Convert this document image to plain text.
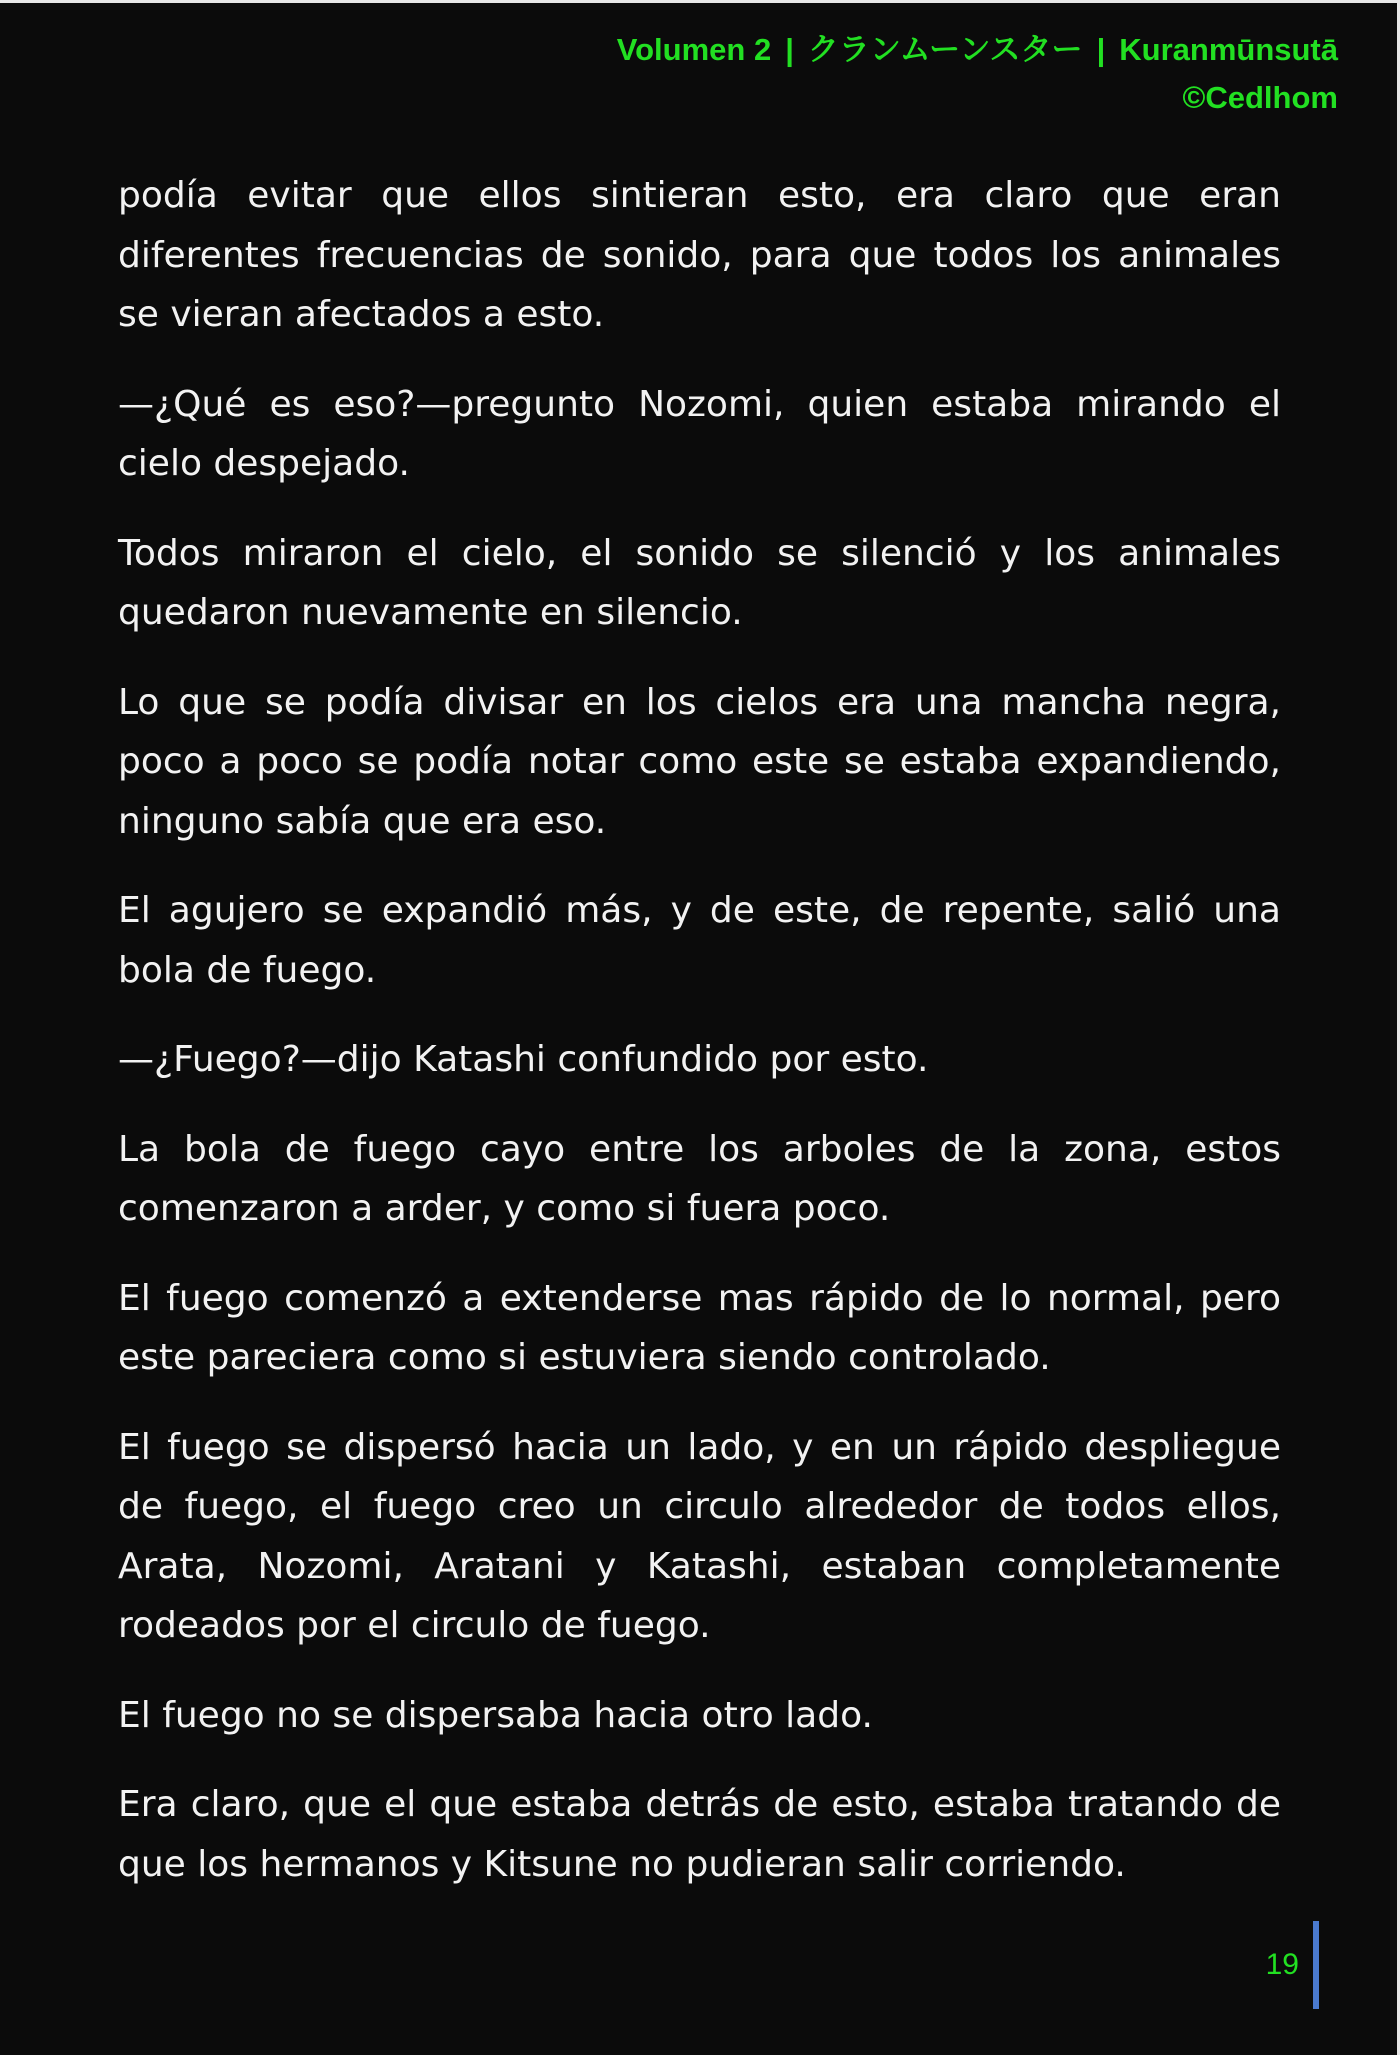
Volumen 2 | クランムーンスター | Kuranmūnsutā
©Cedlhom

podía evitar que ellos sintieran esto, era claro que eran diferentes frecuencias de sonido, para que todos los animales se vieran afectados a esto.

—¿Qué es eso?—pregunto Nozomi, quien estaba mirando el cielo despejado.

Todos miraron el cielo, el sonido se silenció y los animales quedaron nuevamente en silencio.

Lo que se podía divisar en los cielos era una mancha negra, poco a poco se podía notar como este se estaba expandiendo, ninguno sabía que era eso.

El agujero se expandió más, y de este, de repente, salió una bola de fuego.

—¿Fuego?—dijo Katashi confundido por esto.

La bola de fuego cayo entre los arboles de la zona, estos comenzaron a arder, y como si fuera poco.

El fuego comenzó a extenderse mas rápido de lo normal, pero este pareciera como si estuviera siendo controlado.

El fuego se dispersó hacia un lado, y en un rápido despliegue de fuego, el fuego creo un circulo alrededor de todos ellos, Arata, Nozomi, Aratani y Katashi, estaban completamente rodeados por el circulo de fuego.

El fuego no se dispersaba hacia otro lado.

Era claro, que el que estaba detrás de esto, estaba tratando de que los hermanos y Kitsune no pudieran salir corriendo.

19
